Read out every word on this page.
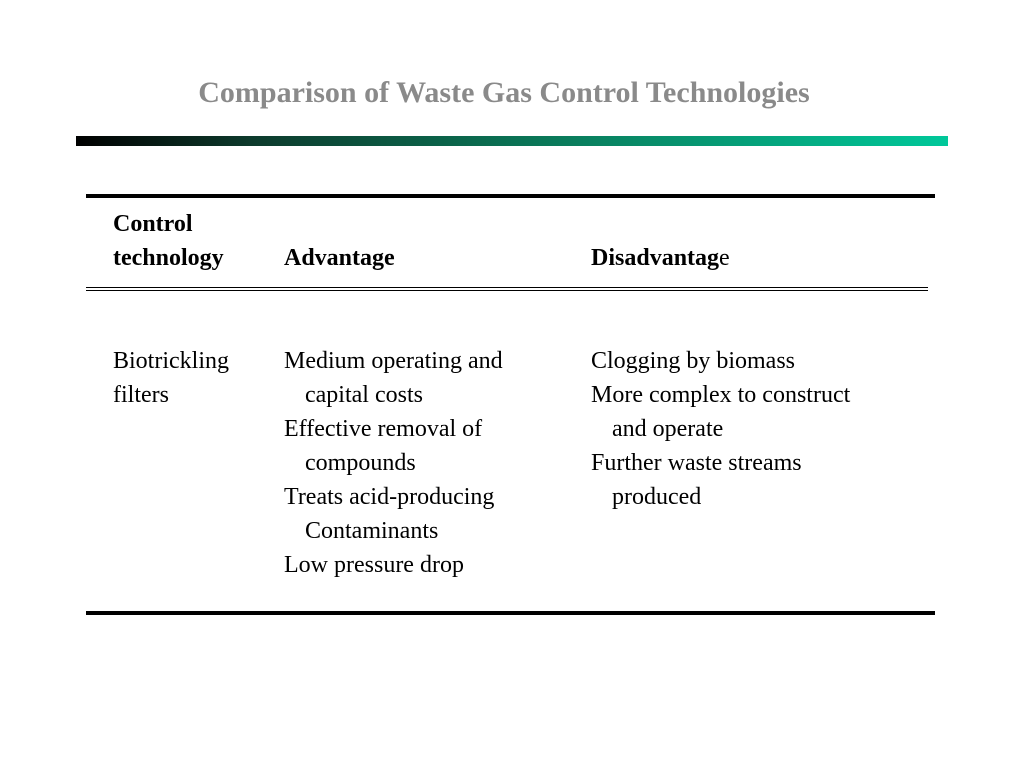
Comparison of Waste Gas Control Technologies
Control
technology	Advantage	Disadvantage
Biotrickling
filters
Medium operating and
capital costs
Effective removal of
compounds
Treats acid-producing
Contaminants
Low pressure drop
Clogging by biomass
More complex to construct
and operate
Further waste streams
produced
